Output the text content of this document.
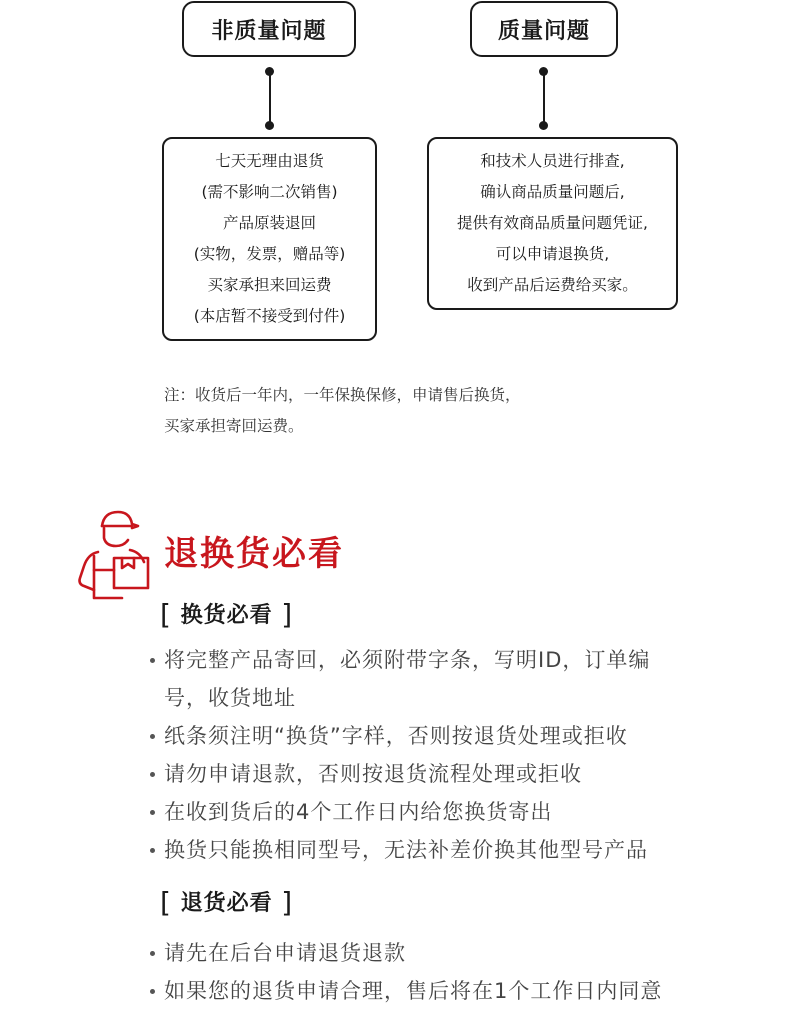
非质量问题	质量问题
七天无理由退货
(需不影响二次销售)
产品原装退回
(实物，发票，赠品等)
买家承担来回运费
(本店暂不接受到付件)
和技术人员进行排查,
确认商品质量问题后,
提供有效商品质量问题凭证,
可以申请退换货,
收到产品后运费给买家。
注：收货后一年内，一年保换保修，申请售后换货，
买家承担寄回运费。
退换货必看
[ 换货必看 ]
将完整产品寄回，必须附带字条，写明ID，订单编
号，收货地址
纸条须注明“换货”字样，否则按退货处理或拒收
请勿申请退款，否则按退货流程处理或拒收
在收到货后的4个工作日内给您换货寄出
换货只能换相同型号，无法补差价换其他型号产品
[ 退货必看 ]
请先在后台申请退货退款
如果您的退货申请合理，售后将在1个工作日内同意
